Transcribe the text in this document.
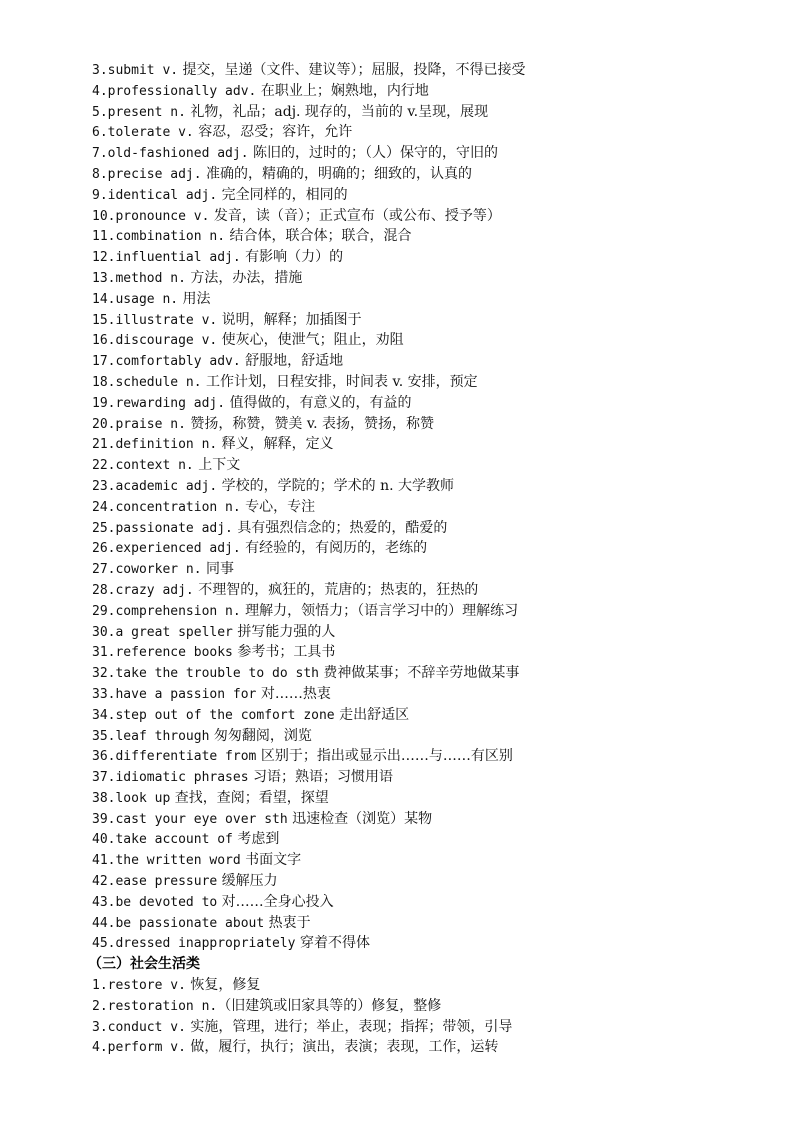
3.submit v. 提交，呈递（文件、建议等）；屈服，投降，不得已接受
4.professionally adv. 在职业上；娴熟地，内行地
5.present n. 礼物，礼品；adj. 现存的，当前的 v.呈现，展现
6.tolerate v. 容忍，忍受；容许，允许
7.old-fashioned adj. 陈旧的，过时的；（人）保守的，守旧的
8.precise adj. 准确的，精确的，明确的；细致的，认真的
9.identical adj. 完全同样的，相同的
10.pronounce v. 发音，读（音）；正式宣布（或公布、授予等）
11.combination n. 结合体，联合体；联合，混合
12.influential adj. 有影响（力）的
13.method n. 方法，办法，措施
14.usage n. 用法
15.illustrate v. 说明，解释；加插图于
16.discourage v. 使灰心，使泄气；阻止，劝阻
17.comfortably adv. 舒服地，舒适地
18.schedule n. 工作计划，日程安排，时间表 v. 安排，预定
19.rewarding adj. 值得做的，有意义的，有益的
20.praise n. 赞扬，称赞，赞美 v. 表扬，赞扬，称赞
21.definition n. 释义，解释，定义
22.context n. 上下文
23.academic adj. 学校的，学院的；学术的 n. 大学教师
24.concentration n. 专心，专注
25.passionate adj. 具有强烈信念的；热爱的，酷爱的
26.experienced adj. 有经验的，有阅历的，老练的
27.coworker n. 同事
28.crazy adj. 不理智的，疯狂的，荒唐的；热衷的，狂热的
29.comprehension n. 理解力，领悟力；（语言学习中的）理解练习
30.a great speller 拼写能力强的人
31.reference books 参考书；工具书
32.take the trouble to do sth 费神做某事；不辞辛劳地做某事
33.have a passion for 对……热衷
34.step out of the comfort zone 走出舒适区
35.leaf through 匆匆翻阅，浏览
36.differentiate from 区别于；指出或显示出……与……有区别
37.idiomatic phrases 习语；熟语；习惯用语
38.look up 查找，查阅；看望，探望
39.cast your eye over sth 迅速检查（浏览）某物
40.take account of 考虑到
41.the written word 书面文字
42.ease pressure 缓解压力
43.be devoted to 对……全身心投入
44.be passionate about 热衷于
45.dressed inappropriately 穿着不得体
（三）社会生活类
1.restore v. 恢复，修复
2.restoration n.（旧建筑或旧家具等的）修复，整修
3.conduct v. 实施，管理，进行；举止，表现；指挥；带领，引导
4.perform v. 做，履行，执行；演出，表演；表现，工作，运转
